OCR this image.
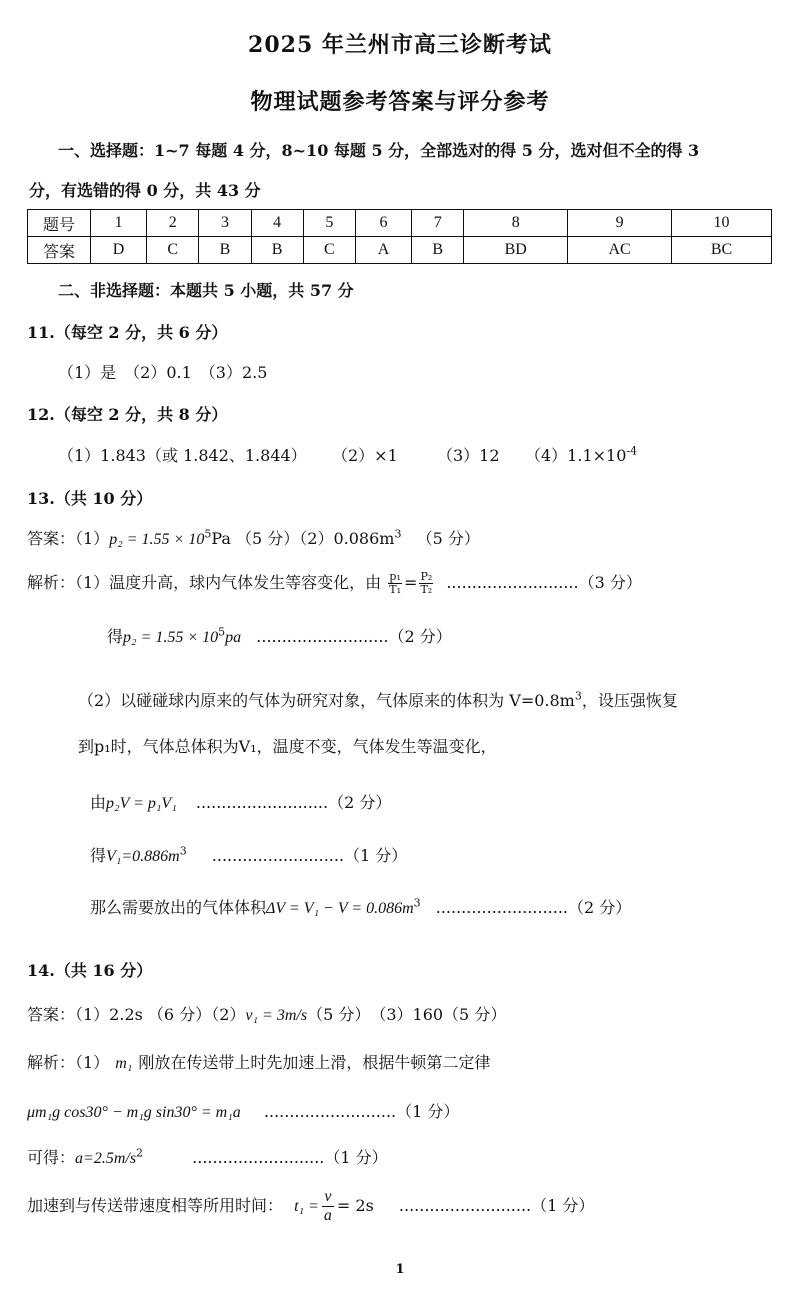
2025 年兰州市高三诊断考试
物理试题参考答案与评分参考
一、选择题：1~7 每题 4 分，8~10 每题 5 分，全部选对的得 5 分，选对但不全的得 3
分，有选错的得 0 分，共 43 分
题号	1	2	3	4	5	6	7	8	9	10
答案	D	C	B	B	C	A	B	BD	AC	BC
二、非选择题：本题共 5 小题，共 57 分
11.（每空 2 分，共 6 分）
（1）是　（2）0.1　（3）2.5
12.（每空 2 分，共 8 分）
（1）1.843（或 1.842、1.844） （2）×1 （3）12 $(4)1.1\times 10^{-4}$
13.（共 10 分）
答案：$(1)p_2 = 1.55 \times 10^5Pa$ （5 分）$(2)0.086m^3$ （5 分）
解析：（1）温度升高，球内气体发生等容变化，由 $\frac{\text{p₁}}{\text{T₁}} = \frac{\text{P₂}}{\text{T₂}} ..........................(3$ 分）
得$p_2 = 1.55 \times 10^5pa$ ..........................（2 分）
（2）以碰碰球内原来的气体为研究对象，气体原来的体积为 $V=0.8m^3$，设压强恢复
到p₁时，气体总体积为V₁，温度不变，气体发生等温变化，
由p₂V = p₁V₁ ..........................（2 分）
得$V_1=0.886m^3$ ..........................（1 分）
那么需要放出的气体体积$\Delta V = V_1 - V = 0.086m^3$ ..........................（2 分）
14.（共 16 分）
答案：（1）2.2s （6 分）（2）v₁ = 3m/s（5 分）　（3）160（5 分）
解析：（1） m₁ 刚放在传送带上时先加速上滑，根据牛顿第二定律
μm₁g cos30° − m₁g sin30° = m₁a ..........................（1 分）
可得：$a=2.5m/s^2$	..........................（1 分）
加速到与传送带速度相等所用时间： $t_1 = \frac{v}{a} = 2s$ ..........................（1 分）
1
